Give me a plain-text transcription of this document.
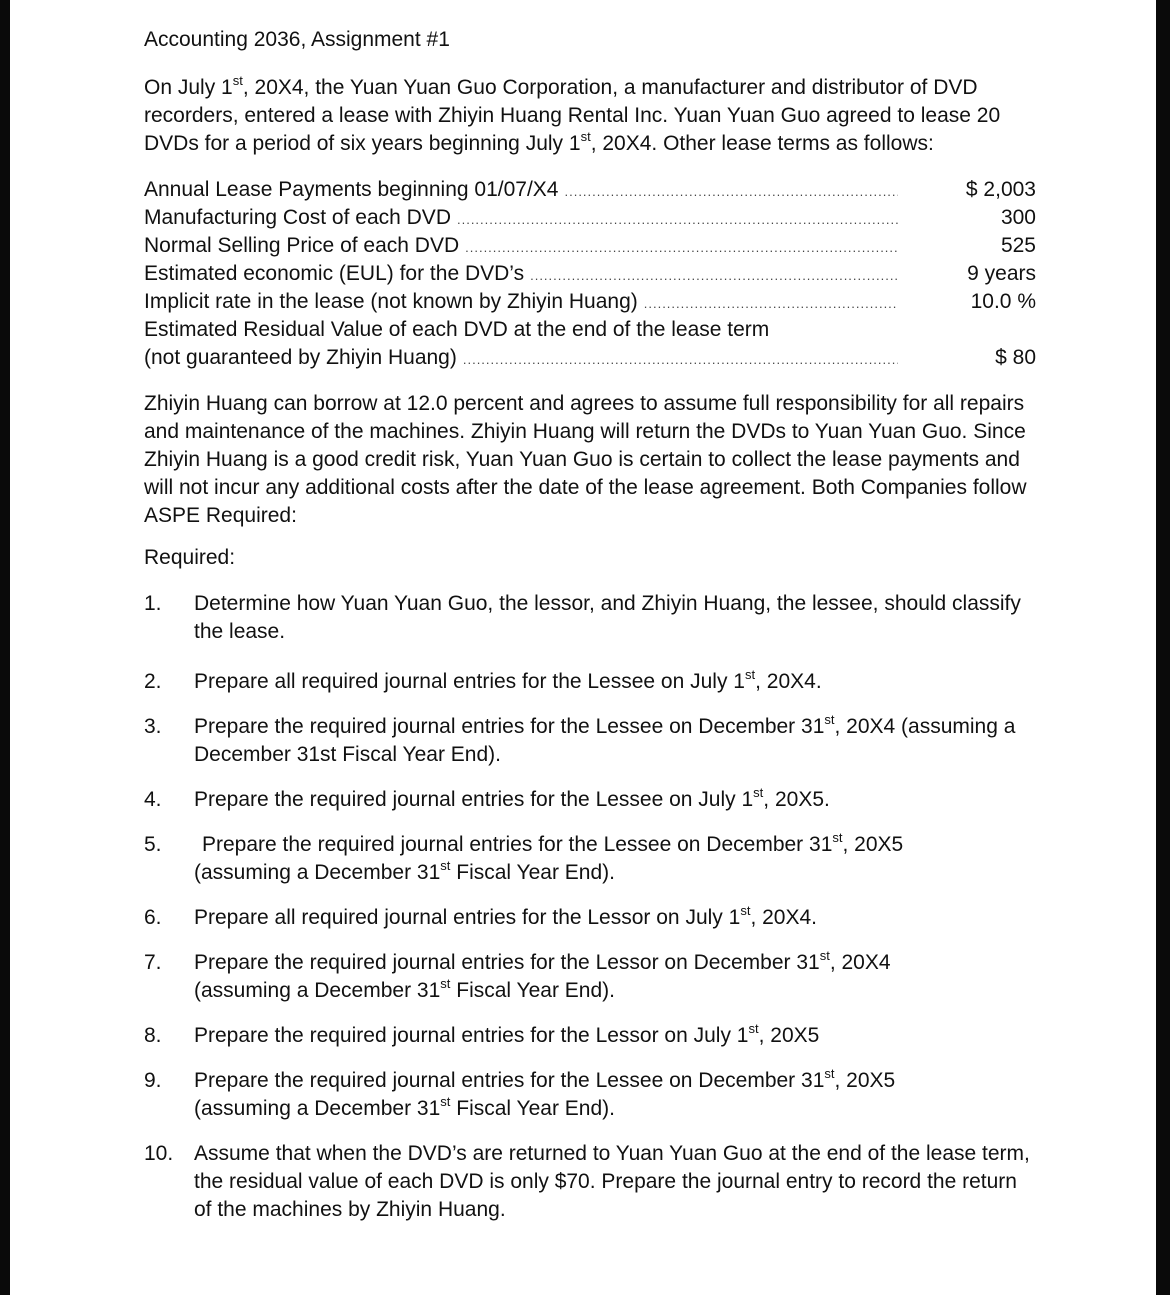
Accounting 2036, Assignment #1

On July 1st, 20X4, the Yuan Yuan Guo Corporation, a manufacturer and distributor of DVD recorders, entered a lease with Zhiyin Huang Rental Inc. Yuan Yuan Guo agreed to lease 20 DVDs for a period of six years beginning July 1st, 20X4. Other lease terms as follows:

Annual Lease Payments beginning 01/07/X4 .....	$ 2,003
Manufacturing Cost of each DVD .....	300
Normal Selling Price of each DVD .....	525
Estimated economic (EUL) for the DVD’s .....	9 years
Implicit rate in the lease (not known by Zhiyin Huang) .....	10.0 %
Estimated Residual Value of each DVD at the end of the lease term
(not guaranteed by Zhiyin Huang) .....	$ 80

Zhiyin Huang can borrow at 12.0 percent and agrees to assume full responsibility for all repairs and maintenance of the machines. Zhiyin Huang will return the DVDs to Yuan Yuan Guo. Since Zhiyin Huang is a good credit risk, Yuan Yuan Guo is certain to collect the lease payments and will not incur any additional costs after the date of the lease agreement. Both Companies follow ASPE Required:

Required:

1. Determine how Yuan Yuan Guo, the lessor, and Zhiyin Huang, the lessee, should classify the lease.
2. Prepare all required journal entries for the Lessee on July 1st, 20X4.
3. Prepare the required journal entries for the Lessee on December 31st, 20X4 (assuming a December 31st Fiscal Year End).
4. Prepare the required journal entries for the Lessee on July 1st, 20X5.
5. Prepare the required journal entries for the Lessee on December 31st, 20X5
(assuming a December 31st Fiscal Year End).
6. Prepare all required journal entries for the Lessor on July 1st, 20X4.
7. Prepare the required journal entries for the Lessor on December 31st, 20X4
(assuming a December 31st Fiscal Year End).
8. Prepare the required journal entries for the Lessor on July 1st, 20X5
9. Prepare the required journal entries for the Lessee on December 31st, 20X5
(assuming a December 31st Fiscal Year End).
10. Assume that when the DVD’s are returned to Yuan Yuan Guo at the end of the lease term, the residual value of each DVD is only $70. Prepare the journal entry to record the return of the machines by Zhiyin Huang.
